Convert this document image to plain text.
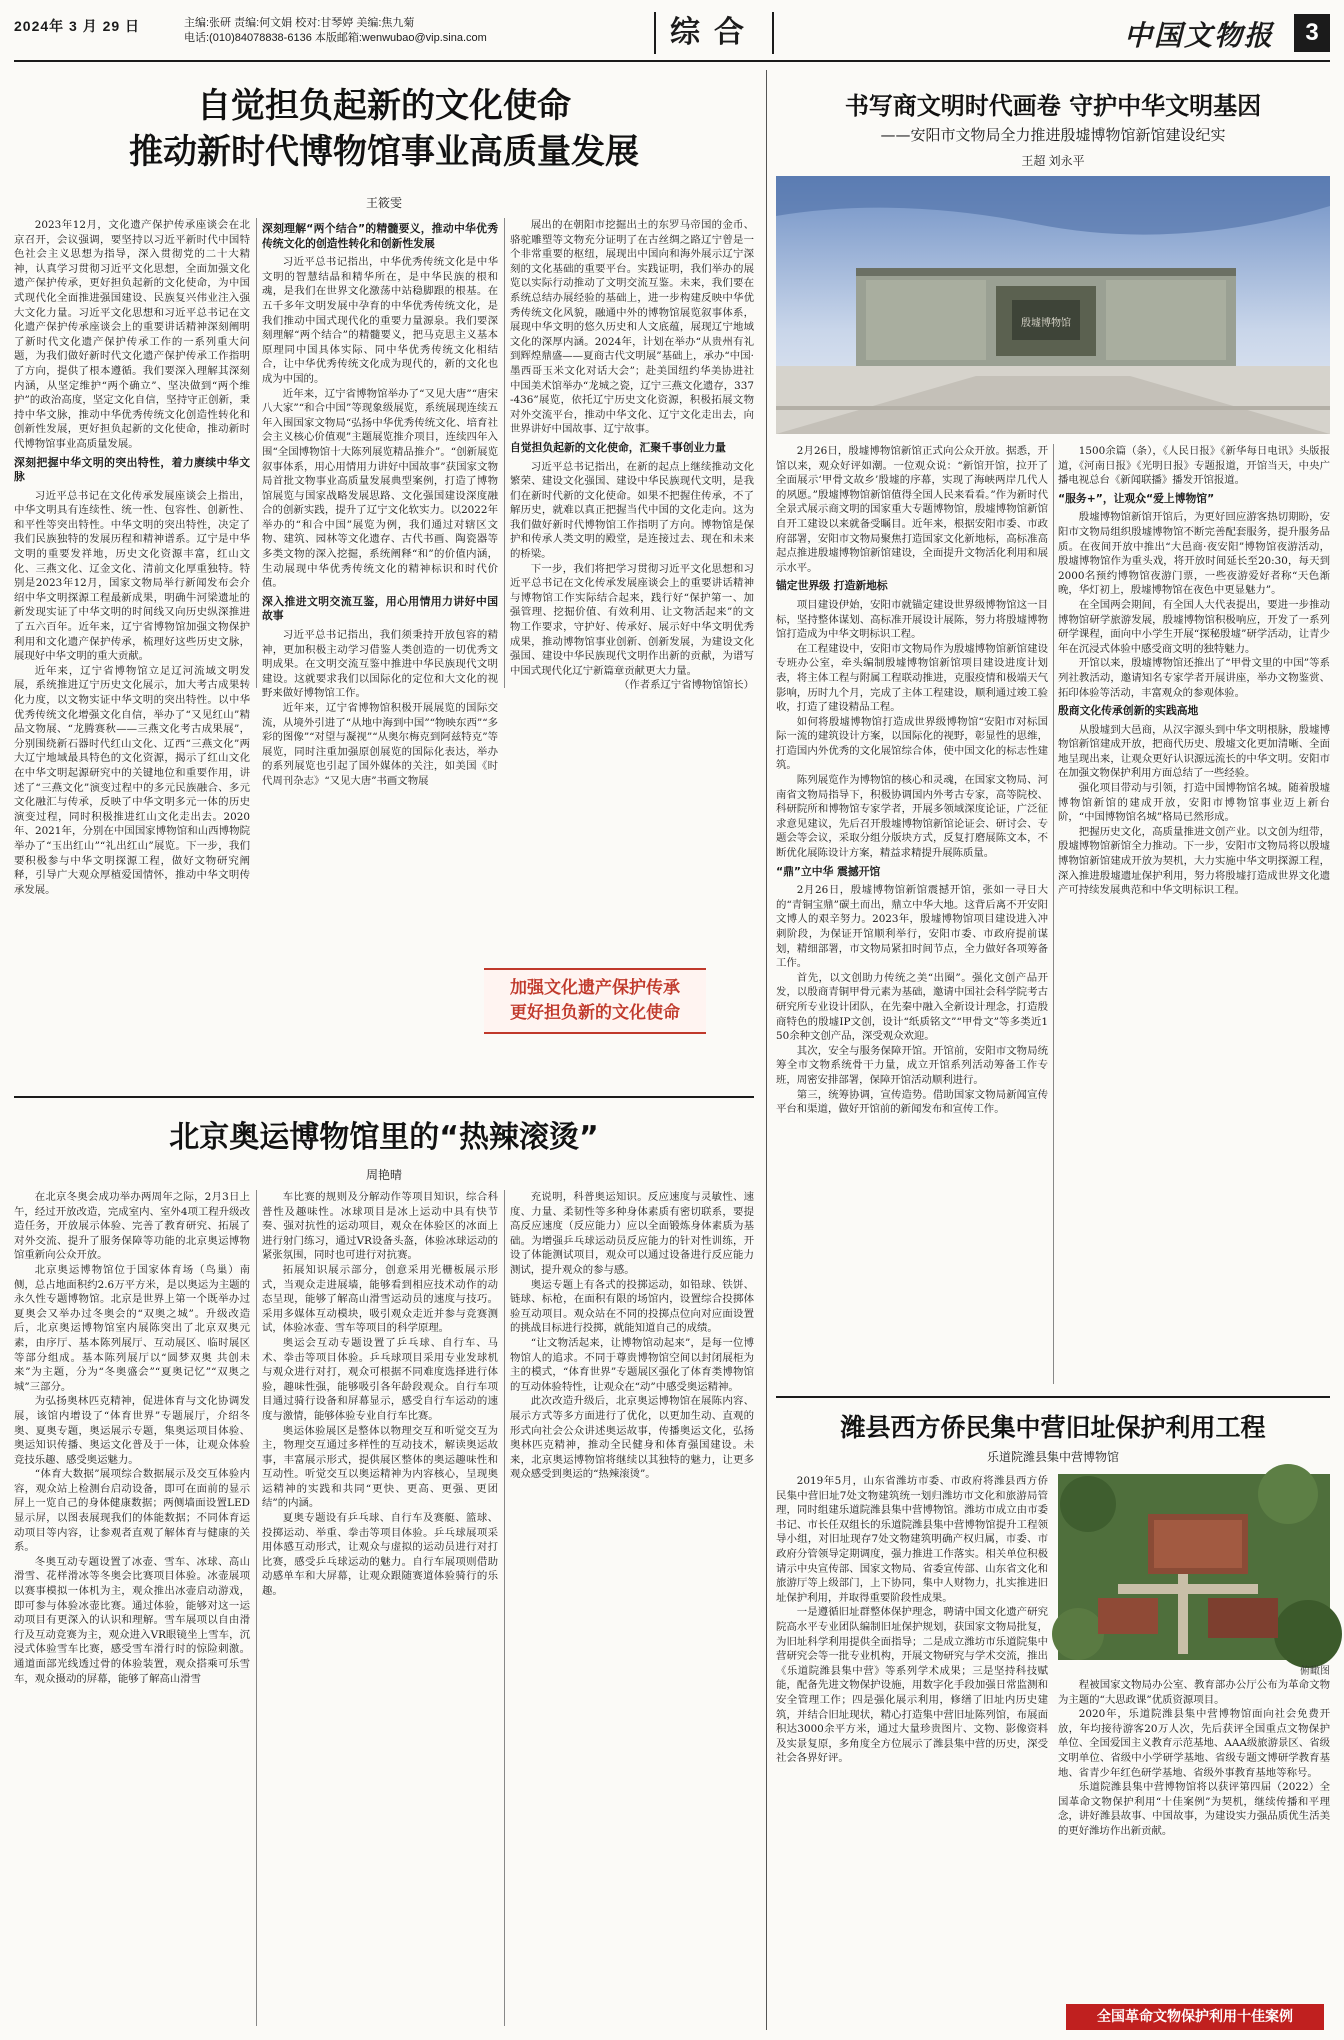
2024年 3 月 29 日	主编:张研 责编:何文娟 校对:甘琴婷 美编:焦九菊
电话:(010)84078838-6136 本版邮箱:wenwubao@vip.sina.com	综合	中国文物报	3
自觉担负起新的文化使命
推动新时代博物馆事业高质量发展
王筱雯

2023年12月，文化遗产保护传承座谈会在北京召开，会议强调，要坚持以习近平新时代中国特色社会主义思想为指导，深入贯彻党的二十大精神，认真学习贯彻习近平文化思想，全面加强文化遗产保护传承，更好担负起新的文化使命，为中国式现代化全面推进强国建设、民族复兴伟业注入强大文化力量。习近平文化思想和习近平总书记在文化遗产保护传承座谈会上的重要讲话精神深刻阐明了新时代文化遗产保护传承工作的一系列重大问题，为我们做好新时代文化遗产保护传承工作指明了方向，提供了根本遵循。我们要深入理解其深刻内涵，从坚定维护“两个确立”、坚决做到“两个维护”的政治高度，坚定文化自信，坚持守正创新，秉持中华文脉，推动中华优秀传统文化创造性转化和创新性发展，更好担负起新的文化使命，推动新时代博物馆事业高质量发展。

深刻把握中华文明的突出特性，着力赓续中华文脉

习近平总书记在文化传承发展座谈会上指出，中华文明具有连续性、统一性、包容性、创新性、和平性等突出特性。中华文明的突出特性，决定了我们民族独特的发展历程和精神谱系。辽宁是中华文明的重要发祥地，历史文化资源丰富，红山文化、三燕文化、辽金文化、清前文化厚重独特。特别是2023年12月，国家文物局举行新闻发布会介绍中华文明探源工程最新成果，明确牛河梁遗址的新发现实证了中华文明的时间线又向历史纵深推进了五六百年。近年来，辽宁省博物馆加强文物保护利用和文化遗产保护传承，梳理好这些历史文脉，展现好中华文明的重大贡献。

近年来，辽宁省博物馆立足辽河流域文明发展，系统推进辽宁历史文化展示，加大考古成果转化力度，以文物实证中华文明的突出特性。以中华优秀传统文化增强文化自信，举办了“又见红山”精品文物展、“龙腾赛秋——三燕文化考古成果展”，分别围绕新石器时代红山文化、辽西“三燕文化”两大辽宁地域最具特色的文化资源，揭示了红山文化在中华文明起源研究中的关键地位和重要作用，讲述了“三燕文化”演变过程中的多元民族融合、多元文化融汇与传承，反映了中华文明多元一体的历史演变过程，同时积极推进红山文化走出去。2020年、2021年，分别在中国国家博物馆和山西博物院举办了“玉出红山”“礼出红山”展览。下一步，我们要积极参与中华文明探源工程，做好文物研究阐释，引导广大观众厚植爱国情怀，推动中华文明传承发展。

深刻理解“两个结合”的精髓要义，推动中华优秀传统文化的创造性转化和创新性发展

习近平总书记指出，中华优秀传统文化是中华文明的智慧结晶和精华所在，是中华民族的根和魂，是我们在世界文化激荡中站稳脚跟的根基。在五千多年文明发展中孕育的中华优秀传统文化，是我们推动中国式现代化的重要力量源泉。我们要深刻理解“两个结合”的精髓要义，把马克思主义基本原理同中国具体实际、同中华优秀传统文化相结合，让中华优秀传统文化成为现代的，新的文化也成为中国的。

近年来，辽宁省博物馆举办了“又见大唐”“唐宋八大家”“和合中国”等现象级展览，系统展现连续五年入围国家文物局“弘扬中华优秀传统文化、培育社会主义核心价值观”主题展览推介项目，连续四年入围“全国博物馆十大陈列展览精品推介”。“创新展览叙事体系，用心用情用力讲好中国故事”获国家文物局首批文物事业高质量发展典型案例，打造了博物馆展览与国家战略发展思路、文化强国建设深度融合的创新实践，提升了辽宁文化软实力。以2022年举办的“和合中国”展览为例，我们通过对辖区文物、建筑、园林等文化遗存、古代书画、陶瓷器等多类文物的深入挖掘，系统阐释“和”的价值内涵，生动展现中华优秀传统文化的精神标识和时代价值。

深入推进文明交流互鉴，用心用情用力讲好中国故事

习近平总书记指出，我们须秉持开放包容的精神，更加积极主动学习借鉴人类创造的一切优秀文明成果。在文明交流互鉴中推进中华民族现代文明建设。这就要求我们以国际化的定位和大文化的视野来做好博物馆工作。

近年来，辽宁省博物馆积极开展展览的国际交流，从境外引进了“从地中海到中国”“物映东西”“多彩的图像”“对望与凝视”“从奥尔梅克到阿兹特克”等展览，同时注重加强原创展览的国际化表达，举办的系列展览也引起了国外媒体的关注，如美国《时代周刊杂志》“又见大唐”书画文物展

展出的在朝阳市挖掘出土的东罗马帝国的金币、骆驼雕塑等文物充分证明了在古丝绸之路辽宁曾是一个非常重要的枢纽，展现出中国向和海外展示辽宁深刻的文化基础的重要平台。实践证明，我们举办的展览以实际行动推动了文明交流互鉴。未来，我们要在系统总结办展经验的基础上，进一步构建反映中华优秀传统文化风貌，融通中外的博物馆展览叙事体系，展现中华文明的悠久历史和人文底蕴，展现辽宁地域文化的深厚内涵。2024年，计划在举办“从贵州有礼到辉煌鼎盛——夏商古代文明展”基础上，承办“中国·墨西哥玉米文化对话大会”；赴美国纽约华美协进社中国美术馆举办“龙城之瓷，辽宁三燕文化遗存，337-436”展览，依托辽宁历史文化资源，积极拓展文物对外交流平台，推动中华文化、辽宁文化走出去，向世界讲好中国故事、辽宁故事。

自觉担负起新的文化使命，汇聚千事创业力量

习近平总书记指出，在新的起点上继续推动文化繁荣、建设文化强国、建设中华民族现代文明，是我们在新时代新的文化使命。如果不把握住传承，不了解历史，就难以真正把握当代中国的文化走向。这为我们做好新时代博物馆工作指明了方向。博物馆是保护和传承人类文明的殿堂，是连接过去、现在和未来的桥梁。

下一步，我们将把学习贯彻习近平文化思想和习近平总书记在文化传承发展座谈会上的重要讲话精神与博物馆工作实际结合起来，践行好“保护第一、加强管理、挖掘价值、有效利用、让文物活起来”的文物工作要求，守护好、传承好、展示好中华文明优秀成果，推动博物馆事业创新、创新发展，为建设文化强国、建设中华民族现代文明作出新的贡献，为谱写中国式现代化辽宁新篇章贡献更大力量。

（作者系辽宁省博物馆馆长）

加强文化遗产保护传承
更好担负新的文化使命
北京奥运博物馆里的“热辣滚烫”
周艳晴

在北京冬奥会成功举办两周年之际，2月3日上午，经过开放改造，完成室内、室外4项工程升级改造任务，开放展示体验、完善了教育研究、拓展了对外交流、提升了服务保障等功能的北京奥运博物馆重新向公众开放。

北京奥运博物馆位于国家体育场（鸟巢）南侧，总占地面积约2.6万平方米，是以奥运为主题的永久性专题博物馆。北京是世界上第一个既举办过夏奥会又举办过冬奥会的“双奥之城”。升级改造后，北京奥运博物馆室内展陈突出了北京双奥元素，由序厅、基本陈列展厅、互动展区、临时展区等部分组成。基本陈列展厅以“圆梦双奥 共创未来”为主题，分为“冬奥盛会”“夏奥记忆”“双奥之城”三部分。

为弘扬奥林匹克精神，促进体育与文化协调发展，该馆内增设了“体育世界”专题展厅，介绍冬奥、夏奥专题，奥运展示专题，集奥运项目体验、奥运知识传播、奥运文化普及于一体，让观众体验竞技乐趣、感受奥运魅力。

“体育大数据”展项综合数据展示及交互体验内容，观众站上检测台启动设备，即可在面前的显示屏上一览自己的身体健康数据；两侧墙面设置LED显示屏，以图表展现我们的体能数据；不同体育运动项目等内容，让参观者直观了解体育与健康的关系。

冬奥互动专题设置了冰壶、雪车、冰球、高山滑雪、花样滑冰等冬奥会比赛项目体验。冰壶展项以赛事模拟一体机为主，观众推出冰壶启动游戏，即可参与体验冰壶比赛。通过体验，能够对这一运动项目有更深入的认识和理解。雪车展项以自由滑行及互动竞赛为主，观众进入VR眼镜坐上雪车，沉浸式体验雪车比赛，感受雪车滑行时的惊险刺激。通道面部光线透过骨的体验装置，观众搭乘可乐雪车，观众摄动的屏幕，能够了解高山滑雪

车比赛的规则及分解动作等项目知识，综合科普性及趣味性。冰球项目是冰上运动中具有快节奏、强对抗性的运动项目，观众在体验区的冰面上进行射门练习，通过VR设备头盔，体验冰球运动的紧张氛围，同时也可进行对抗赛。

拓展知识展示部分，创意采用光栅板展示形式，当观众走进展墙，能够看到相应技术动作的动态呈现，能够了解高山滑雪运动员的速度与技巧。采用多媒体互动模块，吸引观众走近并参与竞赛测试，体验冰壶、雪车等项目的科学原理。

奥运会互动专题设置了乒乓球、自行车、马术、拳击等项目体验。乒乓球项目采用专业发球机与观众进行对打，观众可根据不同难度选择进行体验，趣味性强，能够吸引各年龄段观众。自行车项目通过骑行设备和屏幕显示，感受自行车运动的速度与激情，能够体验专业自行车比赛。

奥运体验展区是整体以物理交互和听觉交互为主，物理交互通过多样性的互动技术，解读奥运故事，丰富展示形式，提供展区整体的奥运趣味性和互动性。听觉交互以奥运精神为内容核心，呈现奥运精神的实践和共同“更快、更高、更强、更团结”的内涵。

夏奥专题设有乒乓球、自行车及赛艇、篮球、投掷运动、举重、拳击等项目体验。乒乓球展项采用体感互动形式，让观众与虚拟的运动员进行对打比赛，感受乒乓球运动的魅力。自行车展项则借助动感单车和大屏幕，让观众跟随赛道体验骑行的乐趣。

充说明，科普奥运知识。反应速度与灵敏性、速度、力量、柔韧性等多种身体素质有密切联系，要提高反应速度（反应能力）应以全面锻炼身体素质为基础。为增强乒乓球运动员反应能力的针对性训练，开设了体能测试项目，观众可以通过设备进行反应能力测试，提升观众的参与感。

奥运专题上有各式的投掷运动，如铅球、铁饼、链球、标枪，在面积有限的场馆内，设置综合投掷体验互动项目。观众站在不同的投掷点位向对应面设置的挑战目标进行投掷，就能知道自己的成绩。

“让文物活起来，让博物馆动起来”，是每一位博物馆人的追求。不同于尊贵博物馆空间以封闭展柜为主的模式，“体育世界”专题展区强化了体育类博物馆的互动体验特性，让观众在“动”中感受奥运精神。

此次改造升级后，北京奥运博物馆在展陈内容、展示方式等多方面进行了优化，以更加生动、直观的形式向社会公众讲述奥运故事，传播奥运文化，弘扬奥林匹克精神，推动全民健身和体育强国建设。未来，北京奥运博物馆将继续以其独特的魅力，让更多观众感受到奥运的“热辣滚烫”。

书写商文明时代画卷 守护中华文明基因
——安阳市文物局全力推进殷墟博物馆新馆建设纪实
王超 刘永平
殷墟博物馆

2月26日，殷墟博物馆新馆正式向公众开放。据悉，开馆以来，观众好评如潮。一位观众说：“新馆开馆，拉开了全面展示‘甲骨文故乡’殷墟的序幕，实现了海峡两岸几代人的夙愿。”殷墟博物馆新馆值得全国人民来看看。”作为新时代全景式展示商文明的国家重大专题博物馆，殷墟博物馆新馆自开工建设以来就备受瞩目。近年来，根据安阳市委、市政府部署，安阳市文物局聚焦打造国家文化新地标，高标准高起点推进殷墟博物馆新馆建设，全面提升文物活化利用和展示水平。

锚定世界级 打造新地标

项目建设伊始，安阳市就锚定建设世界级博物馆这一目标，坚持整体谋划、高标准开展设计展陈，努力将殷墟博物馆打造成为中华文明标识工程。

在工程建设中，安阳市文物局作为殷墟博物馆新馆建设专班办公室，牵头编制殷墟博物馆新馆项目建设进度计划表，将主体工程与附属工程联动推进，克服疫情和极端天气影响，历时九个月，完成了主体工程建设，顺利通过竣工验收，打造了建设精品工程。

如何将殷墟博物馆打造成世界级博物馆“安阳市对标国际一流的建筑设计方案，以国际化的视野，彰显性的思维，打造国内外优秀的文化展馆综合体，使中国文化的标志性建筑。

陈列展览作为博物馆的核心和灵魂，在国家文物局、河南省文物局指导下，积极协调国内外考古专家，高等院校、科研院所和博物馆专家学者，开展多领域深度论证，广泛征求意见建议，先后召开殷墟博物馆新馆论证会、研讨会、专题会等会议，采取分组分版块方式，反复打磨展陈文本，不断优化展陈设计方案，精益求精提升展陈质量。

“鼎”立中华 震撼开馆

2月26日，殷墟博物馆新馆震撼开馆，张如一寻日大的“青铜宝鼎”碳土而出，鼎立中华大地。这背后离不开安阳文博人的艰辛努力。2023年，殷墟博物馆项目建设进入冲刺阶段，为保证开馆顺利举行，安阳市委、市政府提前谋划，精细部署，市文物局紧扣时间节点，全力做好各项筹备工作。

首先，以文创助力传统之美“出圈”。强化文创产品开发，以殷商青铜甲骨元素为基础，邀请中国社会科学院考古研究所专业设计团队，在先秦中融入全新设计理念，打造殷商特色的殷墟IP文创，设计“纸质铭文”“甲骨文”等多类近150余种文创产品，深受观众欢迎。

其次，安全与服务保障开馆。开馆前，安阳市文物局统筹全市文物系统骨干力量，成立开馆系列活动筹备工作专班，周密安排部署，保障开馆活动顺利进行。

第三，统筹协调，宣传造势。借助国家文物局新闻宣传平台和渠道，做好开馆前的新闻发布和宣传工作。

1500余篇（条），《人民日报》《新华每日电讯》头版报道，《河南日报》《光明日报》专题报道，开馆当天，中央广播电视总台《新闻联播》播发开馆报道。

“服务+”，让观众“爱上博物馆”

殷墟博物馆新馆开馆后，为更好回应游客热切期盼，安阳市文物局组织殷墟博物馆不断完善配套服务，提升服务品质。在夜间开放中推出“大邑商·夜安阳”博物馆夜游活动，殷墟博物馆作为重头戏，将开放时间延长至20:30，每天到2000名预约博物馆夜游门票，一些夜游爱好者称“天色渐晚，华灯初上，殷墟博物馆在夜色中更显魅力”。

在全国两会期间，有全国人大代表提出，要进一步推动博物馆研学旅游发展，殷墟博物馆积极响应，开发了一系列研学课程，面向中小学生开展“探秘殷墟”研学活动，让青少年在沉浸式体验中感受商文明的独特魅力。

开馆以来，殷墟博物馆还推出了“甲骨文里的中国”等系列社教活动，邀请知名专家学者开展讲座，举办文物鉴赏、拓印体验等活动，丰富观众的参观体验。

殷商文化传承创新的实践高地

从殷墟到大邑商，从汉字源头到中华文明根脉，殷墟博物馆新馆建成开放，把商代历史、殷墟文化更加清晰、全面地呈现出来，让观众更好认识源远流长的中华文明。安阳市在加强文物保护利用方面总结了一些经验。

强化项目带动与引领，打造中国博物馆名城。随着殷墟博物馆新馆的建成开放，安阳市博物馆事业迈上新台阶，“中国博物馆名城”格局已然形成。

把握历史文化，高质量推进文创产业。以文创为纽带，殷墟博物馆新馆全力推动。下一步，安阳市文物局将以殷墟博物馆新馆建成开放为契机，大力实施中华文明探源工程，深入推进殷墟遗址保护利用，努力将殷墟打造成世界文化遗产可持续发展典范和中华文明标识工程。

潍县西方侨民集中营旧址保护利用工程
乐道院潍县集中营博物馆

2019年5月，山东省潍坊市委、市政府将潍县西方侨民集中营旧址7处文物建筑统一划归潍坊市文化和旅游局管理，同时组建乐道院潍县集中营博物馆。潍坊市成立由市委书记、市长任双组长的乐道院潍县集中营博物馆提升工程领导小组，对旧址现存7处文物建筑明确产权归属，市委、市政府分管领导定期调度，强力推进工作落实。相关单位积极请示中央宣传部、国家文物局、省委宣传部、山东省文化和旅游厅等上级部门，上下协同，集中人财物力，扎实推进旧址保护利用，并取得重要阶段性成果。

一是遵循旧址群整体保护理念，聘请中国文化遗产研究院高水平专业团队编制旧址保护规划，获国家文物局批复，为旧址科学利用提供全面指导；二是成立潍坊市乐道院集中营研究会等一批专业机构，开展文物研究与学术交流，推出《乐道院潍县集中营》等系列学术成果；三是坚持科技赋能，配备先进文物保护设施，用数字化手段加强日常监测和安全管理工作；四是强化展示利用，修缮了旧址内历史建筑，并结合旧址现状，精心打造集中营旧址陈列馆，布展面积达3000余平方米，通过大量珍贵图片、文物、影像资料及实景复原，多角度全方位展示了潍县集中营的历史，深受社会各界好评。

俯瞰图

程被国家文物局办公室、教育部办公厅公布为革命文物为主题的“大思政课”优质资源项目。

2020年，乐道院潍县集中营博物馆面向社会免费开放，年均接待游客20万人次，先后获评全国重点文物保护单位、全国爱国主义教育示范基地、AAA级旅游景区、省级文明单位、省级中小学研学基地、省级专题文博研学教育基地、省青少年红色研学基地、省级外事教育基地等称号。

乐道院潍县集中营博物馆将以获评第四届（2022）全国革命文物保护利用“十佳案例”为契机，继续传播和平理念，讲好潍县故事、中国故事，为建设实力强品质优生活美的更好潍坊作出新贡献。

全国革命文物保护利用十佳案例
